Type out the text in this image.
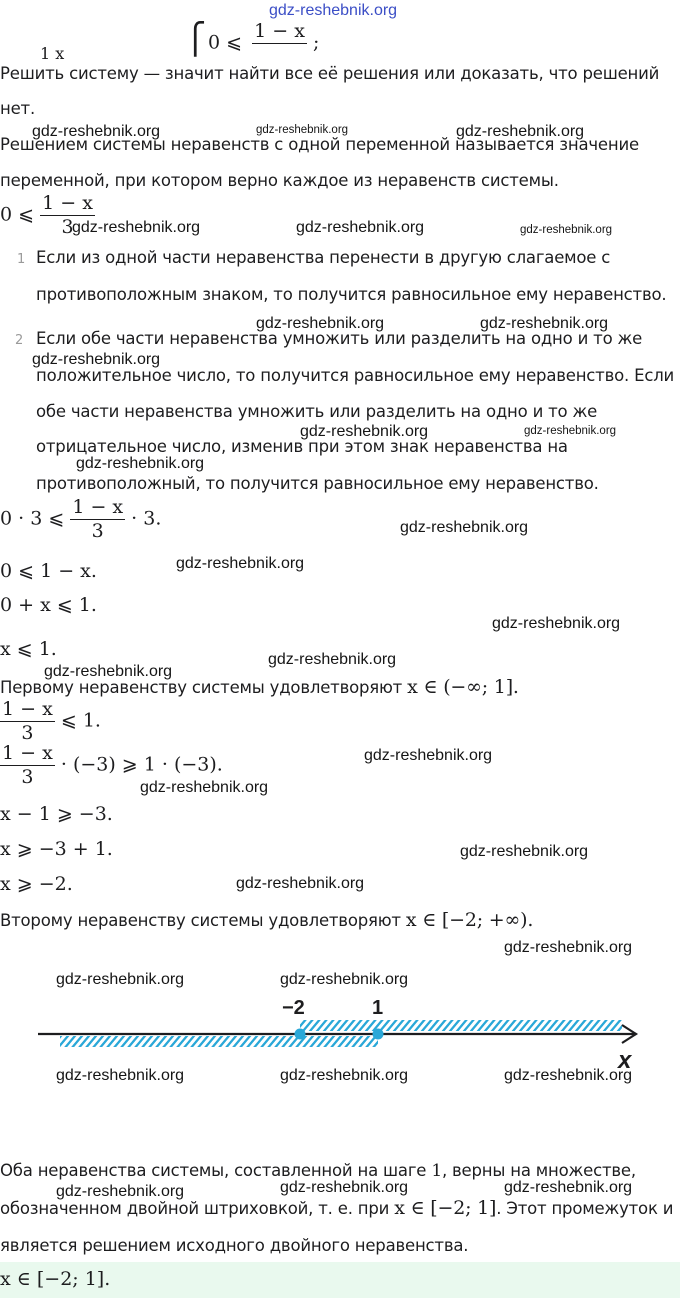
1 x	⎧ 0 ⩽
1 − x

;
Решить систему — значит найти все её решения или доказать, что решений
нет.
Решением системы неравенств с одной переменной называется значение
переменной, при котором верно каждое из неравенств системы.
0 ⩽ $\frac{1 - x}{3}$
1 Если из одной части неравенства перенести в другую слагаемое с
противоположным знаком, то получится равносильное ему неравенство.
2 Если обе части неравенства умножить или разделить на одно и то же
положительное число, то получится равносильное ему неравенство. Если
обе части неравенства умножить или разделить на одно и то же
отрицательное число, изменив при этом знак неравенства на
противоположный, то получится равносильное ему неравенство.
0 · 3 ⩽ $\frac{1 - x}{3} \cdot 3$.
0 ⩽ 1 − x.
0 + x ⩽ 1.
x ⩽ 1.
Первому неравенству системы удовлетворяют x ∈ (−∞; 1].
$\frac{1 - x}{3}$ ⩽ 1.
$\frac{1 - x}{3} \cdot (-3)$ ⩾ 1 · (−3).
x − 1 ⩾ −3.
x ⩾ −3 + 1.
x ⩾ −2.
Второму неравенству системы удовлетворяют x ∈ [−2; +∞).
−2	1
x
Оба неравенства системы, составленной на шаге 1, верны на множестве,
обозначенном двойной штриховкой, т. е. при x ∈ [−2; 1]. Этот промежуток и
является решением исходного двойного неравенства.
x ∈ [−2; 1].
gdz-reshebnik.org
gdz-reshebnik.org	gdz-reshebnik.org	gdz-reshebnik.org
gdz-reshebnik.org	gdz-reshebnik.org	gdz-reshebnik.org
gdz-reshebnik.org	gdz-reshebnik.org
gdz-reshebnik.org
gdz-reshebnik.org	gdz-reshebnik.org
gdz-reshebnik.org
gdz-reshebnik.org
gdz-reshebnik.org
gdz-reshebnik.org
gdz-reshebnik.org
gdz-reshebnik.org
gdz-reshebnik.org
gdz-reshebnik.org
gdz-reshebnik.org
gdz-reshebnik.org
gdz-reshebnik.org
gdz-reshebnik.org	gdz-reshebnik.org
gdz-reshebnik.org	gdz-reshebnik.org	gdz-reshebnik.org
gdz-reshebnik.org	gdz-reshebnik.org	gdz-reshebnik.org
